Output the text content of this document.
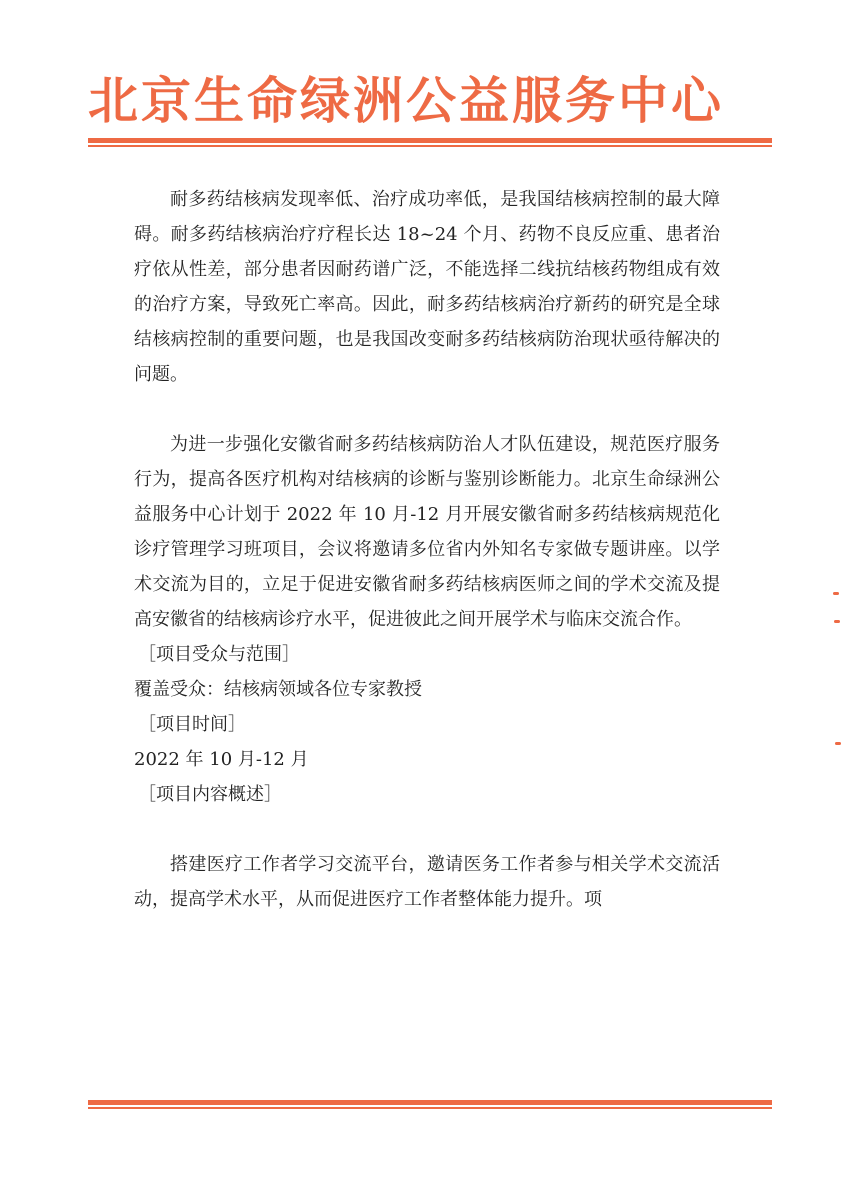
北京生命绿洲公益服务中心

耐多药结核病发现率低、治疗成功率低，是我国结核病控制的最大障碍。耐多药结核病治疗疗程长达 18~24 个月、药物不良反应重、患者治疗依从性差，部分患者因耐药谱广泛，不能选择二线抗结核药物组成有效的治疗方案，导致死亡率高。因此，耐多药结核病治疗新药的研究是全球结核病控制的重要问题，也是我国改变耐多药结核病防治现状亟待解决的问题。

为进一步强化安徽省耐多药结核病防治人才队伍建设，规范医疗服务行为，提高各医疗机构对结核病的诊断与鉴别诊断能力。北京生命绿洲公益服务中心计划于 2022 年 10 月-12 月开展安徽省耐多药结核病规范化诊疗管理学习班项目，会议将邀请多位省内外知名专家做专题讲座。以学术交流为目的，立足于促进安徽省耐多药结核病医师之间的学术交流及提高安徽省的结核病诊疗水平，促进彼此之间开展学术与临床交流合作。

［项目受众与范围］

覆盖受众：结核病领域各位专家教授

［项目时间］

2022 年 10 月-12 月

［项目内容概述］

搭建医疗工作者学习交流平台，邀请医务工作者参与相关学术交流活动，提高学术水平，从而促进医疗工作者整体能力提升。项
